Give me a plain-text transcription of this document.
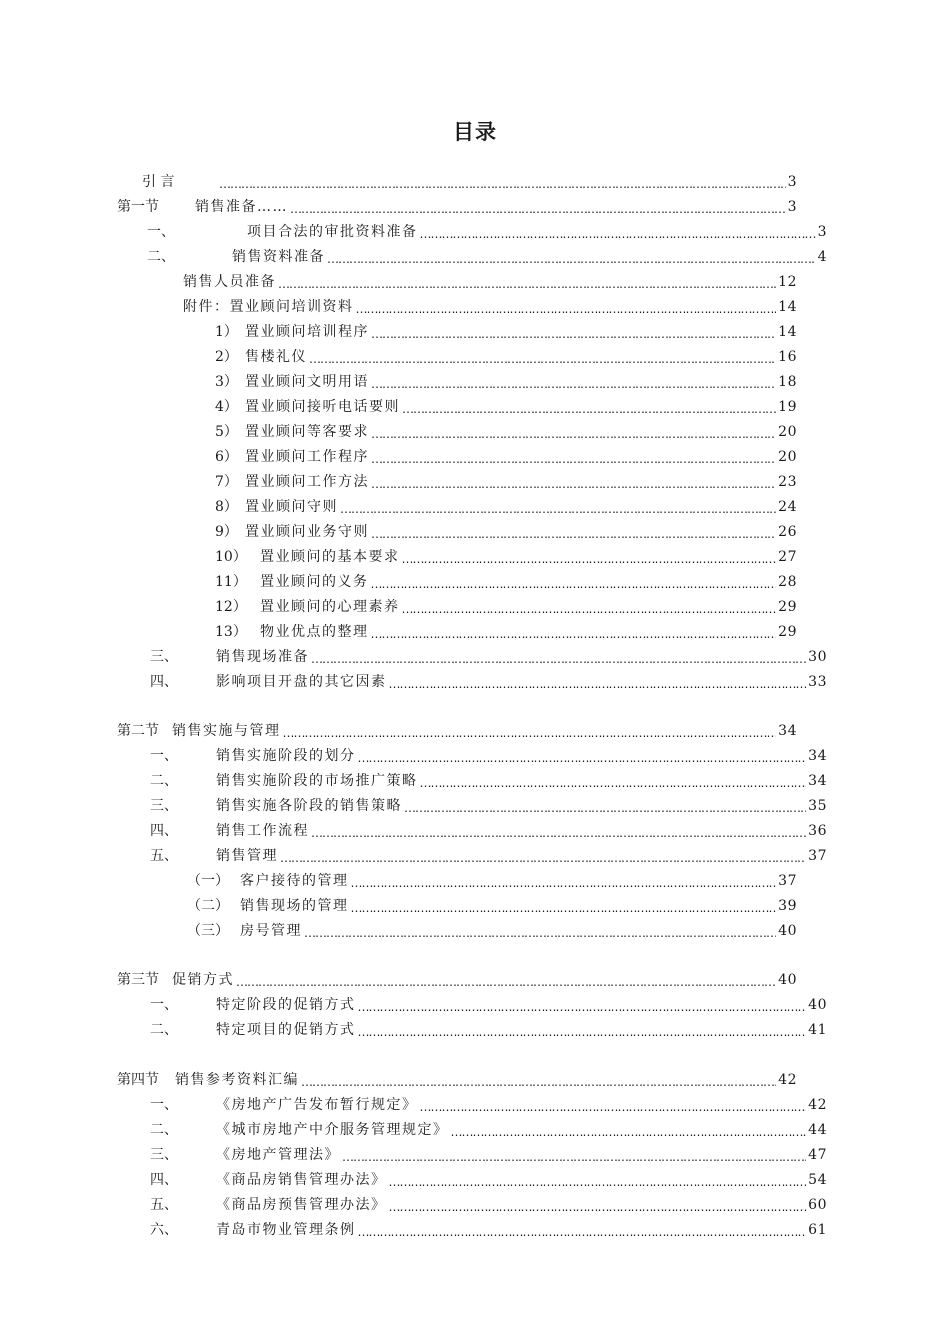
目录
引 言 ……………………………………………………………………………………………………………………………………………………………………………………………………………………………………	3
第一节	销售准备…… ……………………………………………………………………………………………………………………………………………………………………………………………………………………………………	3
一、	项目合法的审批资料准备 ……………………………………………………………………………………………………………………………………………………………………………………………………………………………………	3
二、	销售资料准备 ……………………………………………………………………………………………………………………………………………………………………………………………………………………………………	4
销售人员准备 ……………………………………………………………………………………………………………………………………………………………………………………………………………………………………	12
附件：置业顾问培训资料 ……………………………………………………………………………………………………………………………………………………………………………………………………………………………………	14
1） 置业顾问培训程序 ……………………………………………………………………………………………………………………………………………………………………………………………………………………………………	14
2） 售楼礼仪 ……………………………………………………………………………………………………………………………………………………………………………………………………………………………………	16
3） 置业顾问文明用语 ……………………………………………………………………………………………………………………………………………………………………………………………………………………………………	18
4） 置业顾问接听电话要则 ……………………………………………………………………………………………………………………………………………………………………………………………………………………………………	19
5） 置业顾问等客要求 ……………………………………………………………………………………………………………………………………………………………………………………………………………………………………	20
6） 置业顾问工作程序 ……………………………………………………………………………………………………………………………………………………………………………………………………………………………………	20
7） 置业顾问工作方法 ……………………………………………………………………………………………………………………………………………………………………………………………………………………………………	23
8） 置业顾问守则 ……………………………………………………………………………………………………………………………………………………………………………………………………………………………………	24
9） 置业顾问业务守则 ……………………………………………………………………………………………………………………………………………………………………………………………………………………………………	26
10） 置业顾问的基本要求 ……………………………………………………………………………………………………………………………………………………………………………………………………………………………………	27
11） 置业顾问的义务 ……………………………………………………………………………………………………………………………………………………………………………………………………………………………………	28
12） 置业顾问的心理素养 ……………………………………………………………………………………………………………………………………………………………………………………………………………………………………	29
13） 物业优点的整理 ……………………………………………………………………………………………………………………………………………………………………………………………………………………………………	29
三、	销售现场准备 ……………………………………………………………………………………………………………………………………………………………………………………………………………………………………	30
四、	影响项目开盘的其它因素 ……………………………………………………………………………………………………………………………………………………………………………………………………………………………………	33
第二节 销售实施与管理 ……………………………………………………………………………………………………………………………………………………………………………………………………………………………………	34
一、	销售实施阶段的划分 ……………………………………………………………………………………………………………………………………………………………………………………………………………………………………	34
二、	销售实施阶段的市场推广策略 ……………………………………………………………………………………………………………………………………………………………………………………………………………………………………	34
三、	销售实施各阶段的销售策略 ……………………………………………………………………………………………………………………………………………………………………………………………………………………………………	35
四、	销售工作流程 ……………………………………………………………………………………………………………………………………………………………………………………………………………………………………	36
五、	销售管理 ……………………………………………………………………………………………………………………………………………………………………………………………………………………………………	37
（一） 客户接待的管理 ……………………………………………………………………………………………………………………………………………………………………………………………………………………………………	37
（二） 销售现场的管理 ……………………………………………………………………………………………………………………………………………………………………………………………………………………………………	39
（三） 房号管理 ……………………………………………………………………………………………………………………………………………………………………………………………………………………………………	40
第三节 促销方式 ……………………………………………………………………………………………………………………………………………………………………………………………………………………………………	40
一、	特定阶段的促销方式 ……………………………………………………………………………………………………………………………………………………………………………………………………………………………………	40
二、	特定项目的促销方式 ……………………………………………………………………………………………………………………………………………………………………………………………………………………………………	41
第四节	销售参考资料汇编 ……………………………………………………………………………………………………………………………………………………………………………………………………………………………………	42
一、	《房地产广告发布暂行规定》 ……………………………………………………………………………………………………………………………………………………………………………………………………………………………………	42
二、	《城市房地产中介服务管理规定》 ……………………………………………………………………………………………………………………………………………………………………………………………………………………………………	44
三、	《房地产管理法》 ……………………………………………………………………………………………………………………………………………………………………………………………………………………………………	47
四、	《商品房销售管理办法》 ……………………………………………………………………………………………………………………………………………………………………………………………………………………………………	54
五、	《商品房预售管理办法》 ……………………………………………………………………………………………………………………………………………………………………………………………………………………………………	60
六、	青岛市物业管理条例 ……………………………………………………………………………………………………………………………………………………………………………………………………………………………………	61
